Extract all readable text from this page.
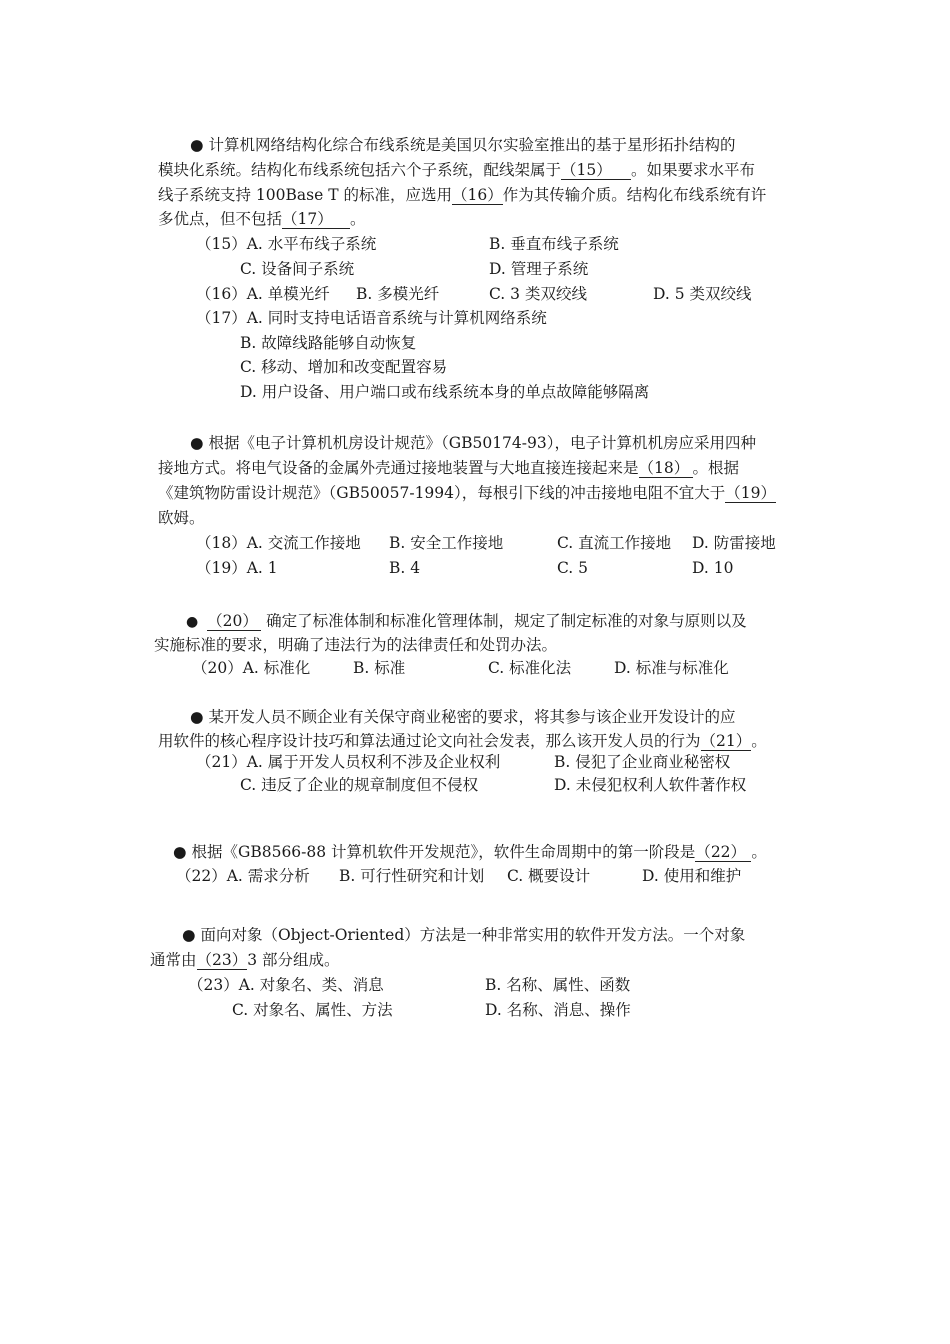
● 计算机网络结构化综合布线系统是美国贝尔实验室推出的基于星形拓扑结构的
模块化系统。结构化布线系统包括六个子系统，配线架属于（15） 。如果要求水平布
线子系统支持 100Base T 的标准，应选用（16）作为其传输介质。结构化布线系统有许
多优点，但不包括（17） 。
（15）A. 水平布线子系统	B. 垂直布线子系统
C. 设备间子系统	D. 管理子系统
（16）A. 单模光纤 B. 多模光纤	C. 3 类双绞线	D. 5 类双绞线
（17）A. 同时支持电话语音系统与计算机网络系统
B. 故障线路能够自动恢复
C. 移动、增加和改变配置容易
D. 用户设备、用户端口或布线系统本身的单点故障能够隔离
● 根据《电子计算机机房设计规范》（GB50174-93），电子计算机机房应采用四种
接地方式。将电气设备的金属外壳通过接地装置与大地直接连接起来是（18） 。根据
《建筑物防雷设计规范》（GB50057-1994），每根引下线的冲击接地电阻不宜大于（19）
欧姆。
（18）A. 交流工作接地 B. 安全工作接地	C. 直流工作接地 D. 防雷接地
（19）A. 1	B. 4	C. 5	D. 10
● （20） 确定了标准体制和标准化管理体制，规定了制定标准的对象与原则以及
实施标准的要求，明确了违法行为的法律责任和处罚办法。
（20）A. 标准化	B. 标准	C. 标准化法	D. 标准与标准化
● 某开发人员不顾企业有关保守商业秘密的要求，将其参与该企业开发设计的应
用软件的核心程序设计技巧和算法通过论文向社会发表，那么该开发人员的行为（21）。
（21）A. 属于开发人员权利不涉及企业权利	B. 侵犯了企业商业秘密权
C. 违反了企业的规章制度但不侵权	D. 未侵犯权利人软件著作权
● 根据《GB8566-88 计算机软件开发规范》，软件生命周期中的第一阶段是（22） 。
（22）A. 需求分析 B. 可行性研究和计划 C. 概要设计	D. 使用和维护
● 面向对象（Object-Oriented）方法是一种非常实用的软件开发方法。一个对象
通常由（23）3 部分组成。
（23）A. 对象名、类、消息	B. 名称、属性、函数
C. 对象名、属性、方法	D. 名称、消息、操作
